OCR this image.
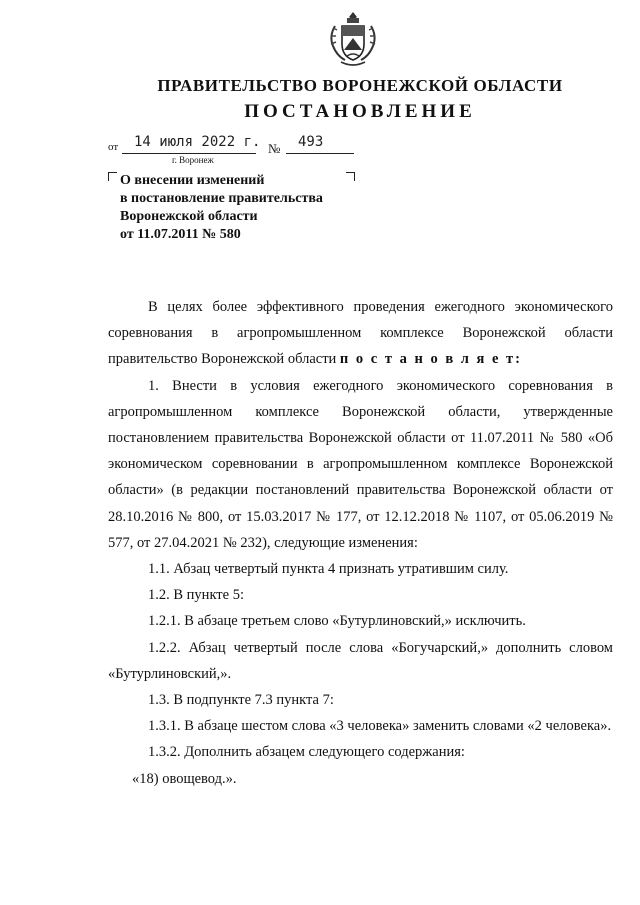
ПРАВИТЕЛЬСТВО ВОРОНЕЖСКОЙ ОБЛАСТИ
ПОСТАНОВЛЕНИЕ
от 14 июля 2022 г. № 493
г. Воронеж
О внесении изменений
в постановление правительства
Воронежской области
от 11.07.2011 № 580

В целях более эффективного проведения ежегодного экономического соревнования в агропромышленном комплексе Воронежской области правительство Воронежской области п о с т а н о в л я е т:

1. Внести в условия ежегодного экономического соревнования в агропромышленном комплексе Воронежской области, утвержденные постановлением правительства Воронежской области от 11.07.2011 № 580 «Об экономическом соревновании в агропромышленном комплексе Воронежской области» (в редакции постановлений правительства Воронежской области от 28.10.2016 № 800, от 15.03.2017 № 177, от 12.12.2018 № 1107, от 05.06.2019 № 577, от 27.04.2021 № 232), следующие изменения:

1.1. Абзац четвертый пункта 4 признать утратившим силу.

1.2. В пункте 5:

1.2.1. В абзаце третьем слово «Бутурлиновский,» исключить.

1.2.2. Абзац четвертый после слова «Богучарский,» дополнить словом «Бутурлиновский,».

1.3. В подпункте 7.3 пункта 7:

1.3.1. В абзаце шестом слова «3 человека» заменить словами «2 человека».

1.3.2. Дополнить абзацем следующего содержания:

«18) овощевод.».
